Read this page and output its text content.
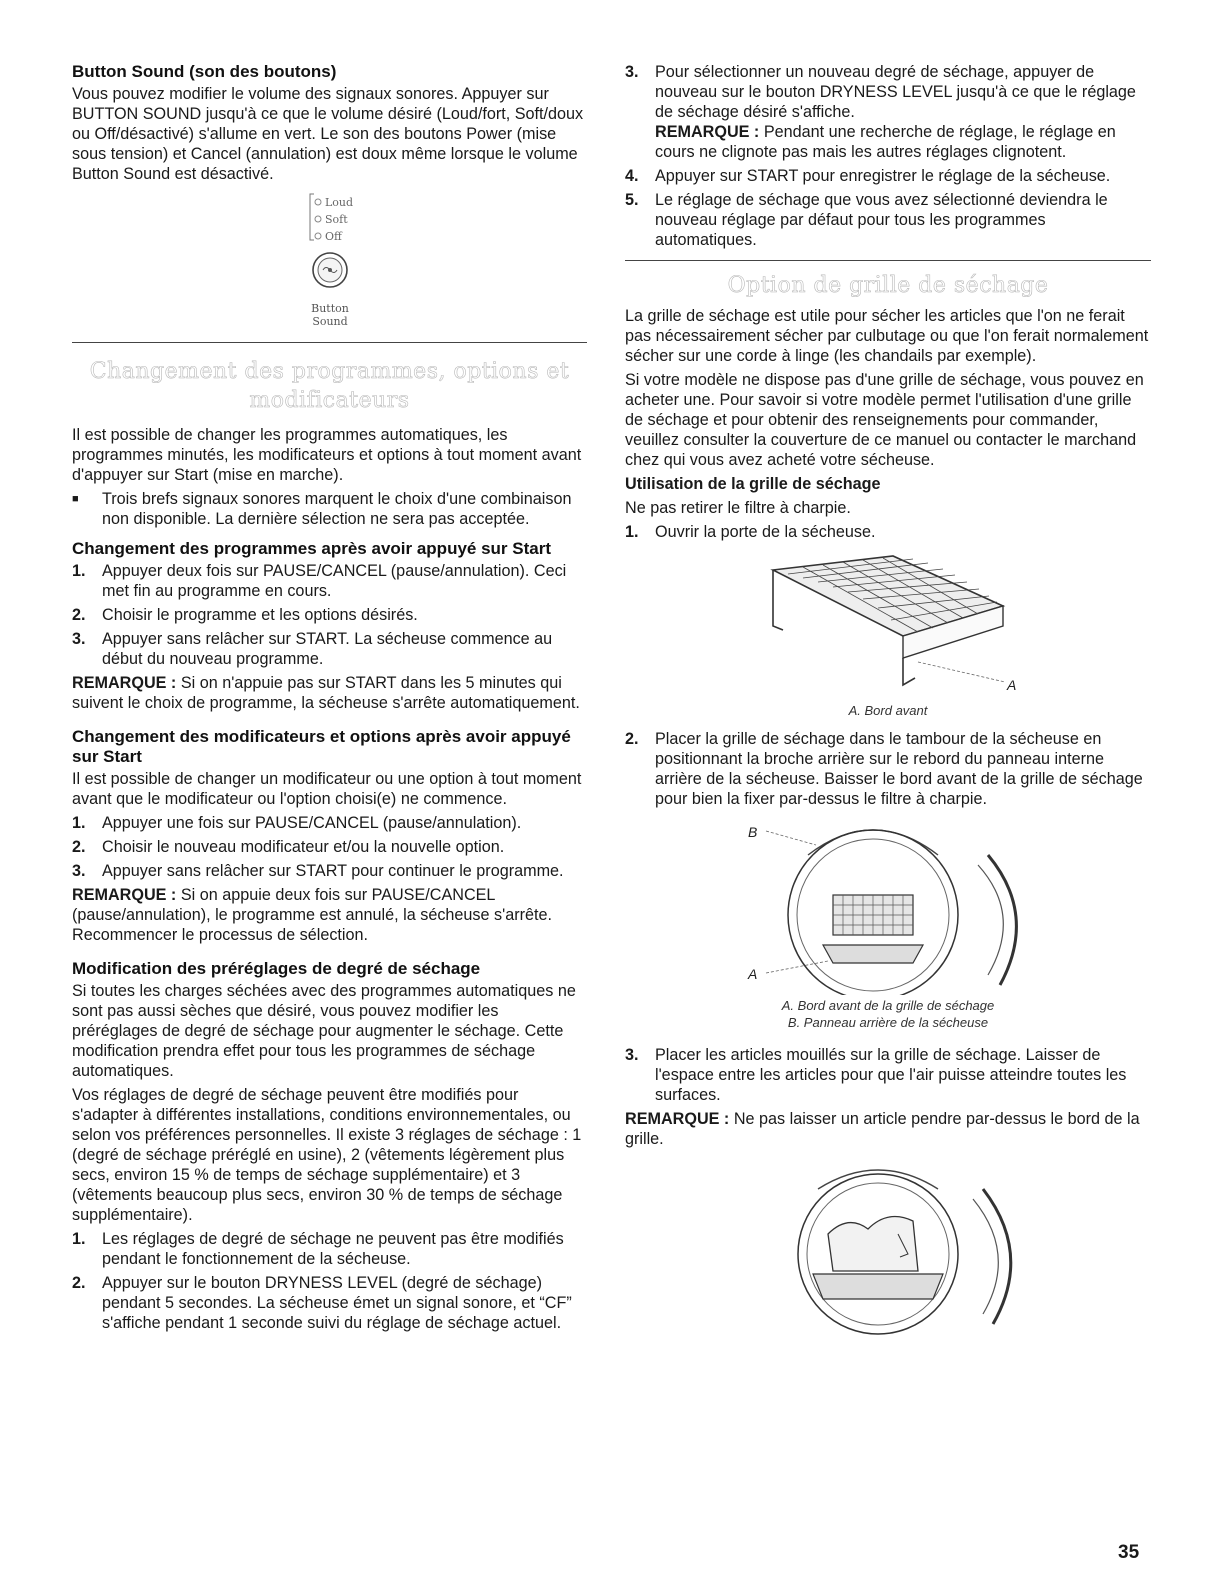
Button Sound (son des boutons)

Vous pouvez modifier le volume des signaux sonores. Appuyer sur BUTTON SOUND jusqu'à ce que le volume désiré (Loud/fort, Soft/doux ou Off/désactivé) s'allume en vert. Le son des boutons Power (mise sous tension) et Cancel (annulation) est doux même lorsque le volume Button Sound est désactivé.

Loud
Soft
Off
Button
Sound
Changement des programmes, options et modificateurs

Il est possible de changer les programmes automatiques, les programmes minutés, les modificateurs et options à tout moment avant d'appuyer sur Start (mise en marche).

■	Trois brefs signaux sonores marquent le choix d'une combinaison non disponible. La dernière sélection ne sera pas acceptée.
Changement des programmes après avoir appuyé sur Start
1.	Appuyer deux fois sur PAUSE/CANCEL (pause/annulation). Ceci met fin au programme en cours.
2.	Choisir le programme et les options désirés.
3.	Appuyer sans relâcher sur START. La sécheuse commence au début du nouveau programme.

REMARQUE : Si on n'appuie pas sur START dans les 5 minutes qui suivent le choix de programme, la sécheuse s'arrête automatiquement.

Changement des modificateurs et options après avoir appuyé sur Start

Il est possible de changer un modificateur ou une option à tout moment avant que le modificateur ou l'option choisi(e) ne commence.

1.	Appuyer une fois sur PAUSE/CANCEL (pause/annulation).
2.	Choisir le nouveau modificateur et/ou la nouvelle option.
3.	Appuyer sans relâcher sur START pour continuer le programme.

REMARQUE : Si on appuie deux fois sur PAUSE/CANCEL (pause/annulation), le programme est annulé, la sécheuse s'arrête. Recommencer le processus de sélection.

Modification des préréglages de degré de séchage

Si toutes les charges séchées avec des programmes automatiques ne sont pas aussi sèches que désiré, vous pouvez modifier les préréglages de degré de séchage pour augmenter le séchage. Cette modification prendra effet pour tous les programmes de séchage automatiques.

Vos réglages de degré de séchage peuvent être modifiés pour s'adapter à différentes installations, conditions environnementales, ou selon vos préférences personnelles. Il existe 3 réglages de séchage : 1 (degré de séchage préréglé en usine), 2 (vêtements légèrement plus secs, environ 15 % de temps de séchage supplémentaire) et 3 (vêtements beaucoup plus secs, environ 30 % de temps de séchage supplémentaire).

1.	Les réglages de degré de séchage ne peuvent pas être modifiés pendant le fonctionnement de la sécheuse.
2.	Appuyer sur le bouton DRYNESS LEVEL (degré de séchage) pendant 5 secondes. La sécheuse émet un signal sonore, et “CF” s'affiche pendant 1 seconde suivi du réglage de séchage actuel.
3.	Pour sélectionner un nouveau degré de séchage, appuyer de nouveau sur le bouton DRYNESS LEVEL jusqu'à ce que le réglage de séchage désiré s'affiche.
REMARQUE : Pendant une recherche de réglage, le réglage en cours ne clignote pas mais les autres réglages clignotent.
4.	Appuyer sur START pour enregistrer le réglage de la sécheuse.
5.	Le réglage de séchage que vous avez sélectionné deviendra le nouveau réglage par défaut pour tous les programmes automatiques.
Option de grille de séchage

La grille de séchage est utile pour sécher les articles que l'on ne ferait pas nécessairement sécher par culbutage ou que l'on ferait normalement sécher sur une corde à linge (les chandails par exemple).

Si votre modèle ne dispose pas d'une grille de séchage, vous pouvez en acheter une. Pour savoir si votre modèle permet l'utilisation d'une grille de séchage et pour obtenir des renseignements pour commander, veuillez consulter la couverture de ce manuel ou contacter le marchand chez qui vous avez acheté votre sécheuse.

Utilisation de la grille de séchage

Ne pas retirer le filtre à charpie.

1.	Ouvrir la porte de la sécheuse.
A
A. Bord avant
2.	Placer la grille de séchage dans le tambour de la sécheuse en positionnant la broche arrière sur le rebord du panneau interne arrière de la sécheuse. Baisser le bord avant de la grille de séchage pour bien la fixer par-dessus le filtre à charpie.
B
A
A. Bord avant de la grille de séchage
B. Panneau arrière de la sécheuse
3.	Placer les articles mouillés sur la grille de séchage. Laisser de l'espace entre les articles pour que l'air puisse atteindre toutes les surfaces.

REMARQUE : Ne pas laisser un article pendre par-dessus le bord de la grille.

35
